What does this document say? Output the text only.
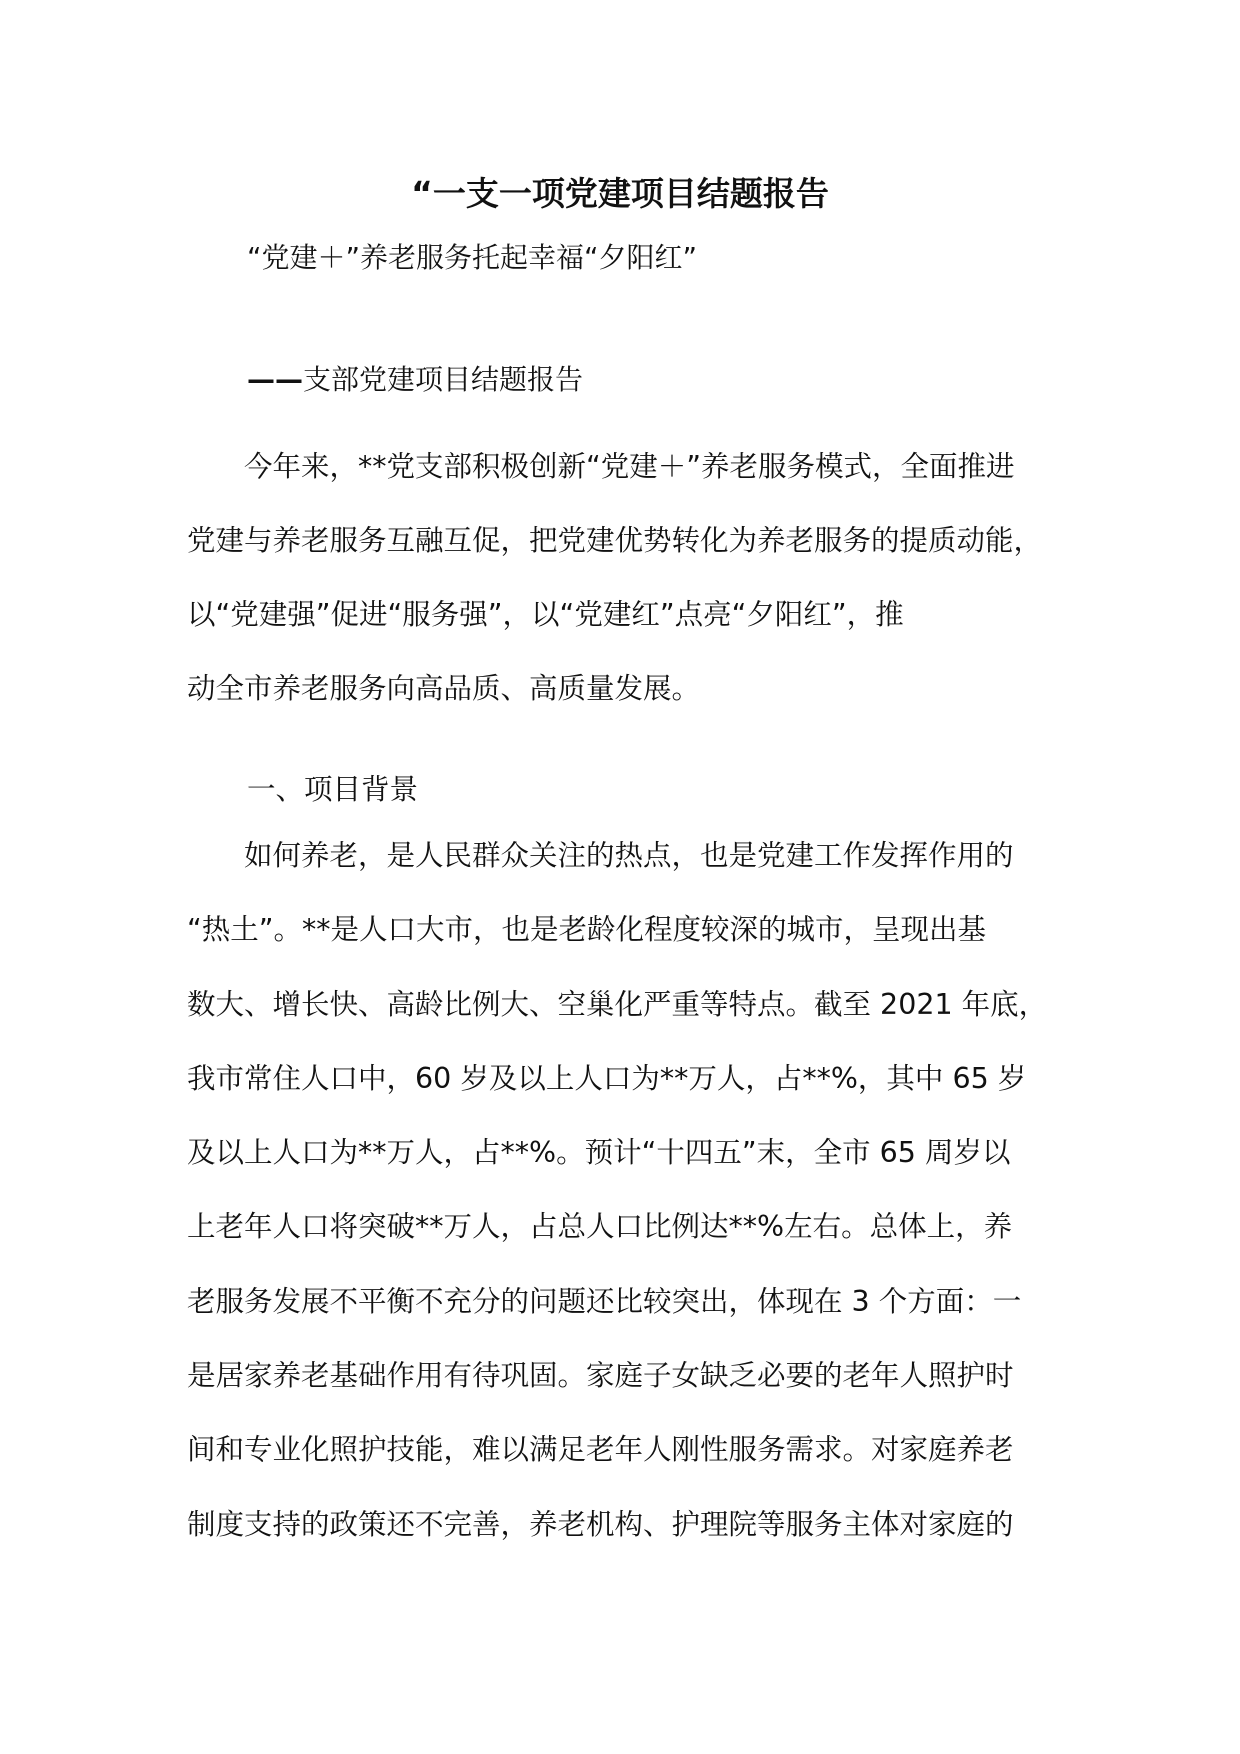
“一支一项党建项目结题报告
“党建＋”养老服务托起幸福“夕阳红”
——支部党建项目结题报告
　　今年来，**党支部积极创新“党建＋”养老服务模式，全面推进
党建与养老服务互融互促，把党建优势转化为养老服务的提质动能，
以“党建强”促进“服务强”，以“党建红”点亮“夕阳红”，推
动全市养老服务向高品质、高质量发展。
一、项目背景
　　如何养老，是人民群众关注的热点，也是党建工作发挥作用的
“热土”。**是人口大市，也是老龄化程度较深的城市，呈现出基
数大、增长快、高龄比例大、空巢化严重等特点。截至 2021 年底，
我市常住人口中，60 岁及以上人口为**万人，占**%，其中 65 岁
及以上人口为**万人，占**%。预计“十四五”末，全市 65 周岁以
上老年人口将突破**万人，占总人口比例达**%左右。总体上，养
老服务发展不平衡不充分的问题还比较突出，体现在 3 个方面：一
是居家养老基础作用有待巩固。家庭子女缺乏必要的老年人照护时
间和专业化照护技能，难以满足老年人刚性服务需求。对家庭养老
制度支持的政策还不完善，养老机构、护理院等服务主体对家庭的
